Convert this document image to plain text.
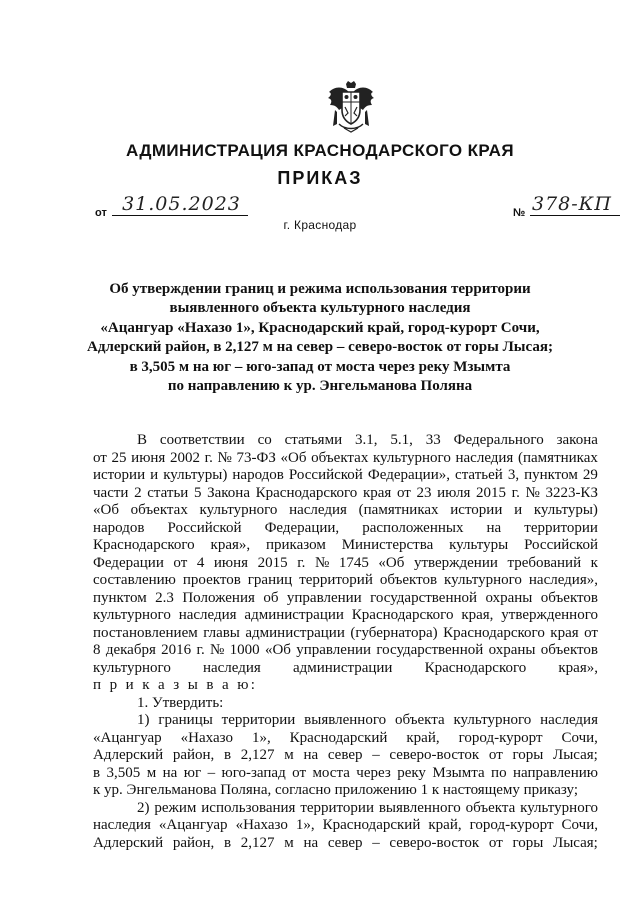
АДМИНИСТРАЦИЯ КРАСНОДАРСКОГО КРАЯ
ПРИКАЗ
от 31.05.2023
г. Краснодар
№ 378-КП
Об утверждении границ и режима использования территории
выявленного объекта культурного наследия
«Ацангуар «Нахазо 1», Краснодарский край, город-курорт Сочи,
Адлерский район, в 2,127 м на север – северо-восток от горы Лысая;
в 3,505 м на юг – юго-запад от моста через реку Мзымта
по направлению к ур. Энгельманова Поляна
В соответствии со статьями 3.1, 5.1, 33 Федерального закона
от 25 июня 2002 г. № 73-ФЗ «Об объектах культурного наследия (памятниках
истории и культуры) народов Российской Федерации», статьей 3, пунктом 29
части 2 статьи 5 Закона Краснодарского края от 23 июля 2015 г. № 3223-КЗ
«Об объектах культурного наследия (памятниках истории и культуры)
народов Российской Федерации, расположенных на территории
Краснодарского края», приказом Министерства культуры Российской
Федерации от 4 июня 2015 г. № 1745 «Об утверждении требований к
составлению проектов границ территорий объектов культурного наследия»,
пунктом 2.3 Положения об управлении государственной охраны объектов
культурного наследия администрации Краснодарского края, утвержденного
постановлением главы администрации (губернатора) Краснодарского края от
8 декабря 2016 г. № 1000 «Об управлении государственной охраны объектов
культурного наследия администрации Краснодарского края»,
п р и к а з ы в а ю:
1. Утвердить:
1) границы территории выявленного объекта культурного наследия
«Ацангуар «Нахазо 1», Краснодарский край, город-курорт Сочи,
Адлерский район, в 2,127 м на север – северо-восток от горы Лысая;
в 3,505 м на юг – юго-запад от моста через реку Мзымта по направлению
к ур. Энгельманова Поляна, согласно приложению 1 к настоящему приказу;
2) режим использования территории выявленного объекта культурного
наследия «Ацангуар «Нахазо 1», Краснодарский край, город-курорт Сочи,
Адлерский район, в 2,127 м на север – северо-восток от горы Лысая;
